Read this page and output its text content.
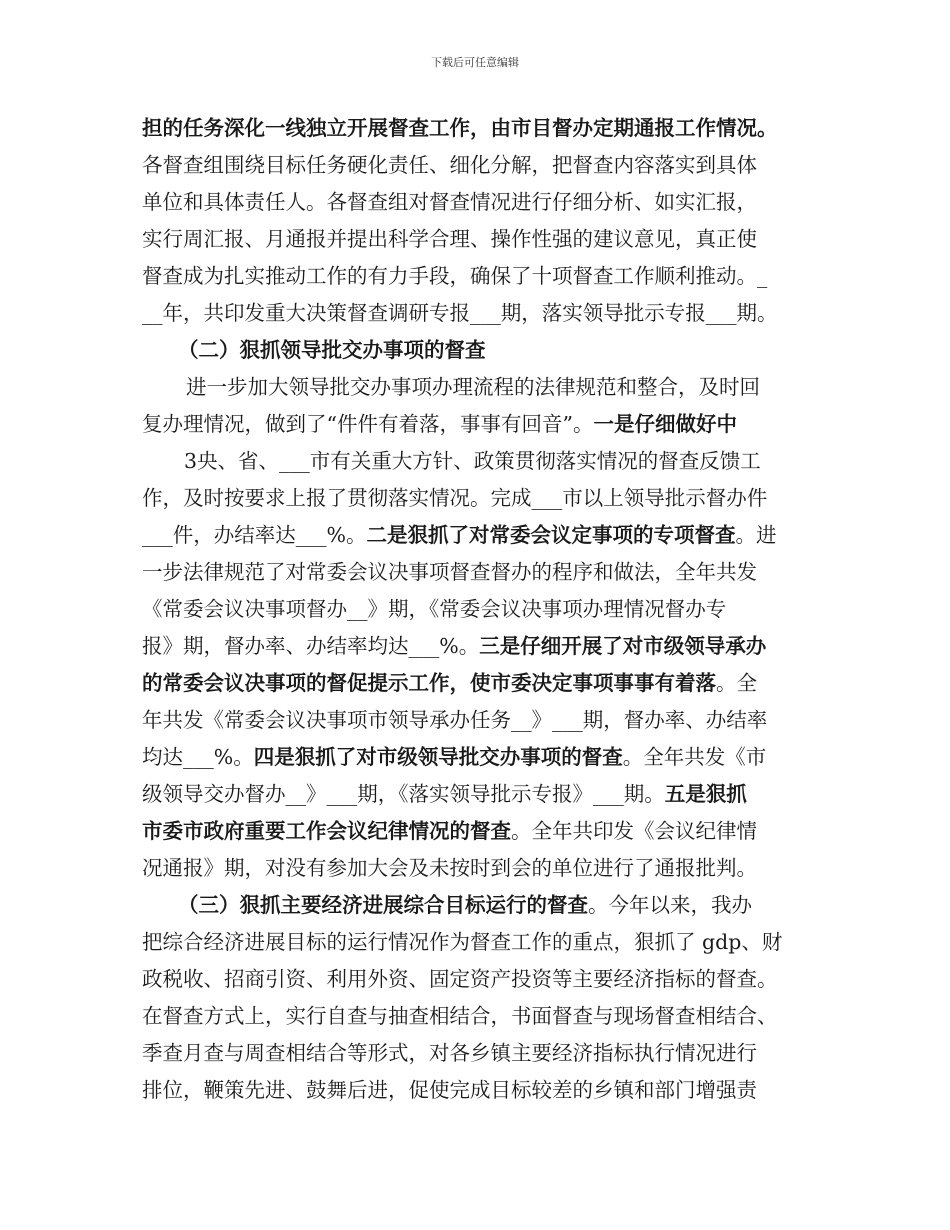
下载后可任意编辑
担的任务深化一线独立开展督查工作，由市目督办定期通报工作情况。
各督查组围绕目标任务硬化责任、细化分解，把督查内容落实到具体
单位和具体责任人。各督查组对督查情况进行仔细分析、如实汇报，
实行周汇报、月通报并提出科学合理、操作性强的建议意见，真正使
督查成为扎实推动工作的有力手段，确保了十项督查工作顺利推动。_
__年，共印发重大决策督查调研专报___期，落实领导批示专报___期。
（二）狠抓领导批交办事项的督查
进一步加大领导批交办事项办理流程的法律规范和整合，及时回
复办理情况，做到了“件件有着落，事事有回音”。一是仔细做好中
3央、省、___市有关重大方针、政策贯彻落实情况的督查反馈工
作，及时按要求上报了贯彻落实情况。完成___市以上领导批示督办件
___件，办结率达___%。二是狠抓了对常委会议定事项的专项督查。进
一步法律规范了对常委会议决事项督查督办的程序和做法，全年共发
《常委会议决事项督办__》期，《常委会议决事项办理情况督办专
报》期，督办率、办结率均达___%。三是仔细开展了对市级领导承办
的常委会议决事项的督促提示工作，使市委决定事项事事有着落。全
年共发《常委会议决事项市领导承办任务__》___期，督办率、办结率
均达___%。四是狠抓了对市级领导批交办事项的督查。全年共发《市
级领导交办督办__》___期，《落实领导批示专报》___期。五是狠抓
市委市政府重要工作会议纪律情况的督查。全年共印发《会议纪律情
况通报》期，对没有参加大会及未按时到会的单位进行了通报批判。
（三）狠抓主要经济进展综合目标运行的督查。今年以来，我办
把综合经济进展目标的运行情况作为督查工作的重点，狠抓了 gdp、财
政税收、招商引资、利用外资、固定资产投资等主要经济指标的督查。
在督查方式上，实行自查与抽查相结合，书面督查与现场督查相结合、
季查月查与周查相结合等形式，对各乡镇主要经济指标执行情况进行
排位，鞭策先进、鼓舞后进，促使完成目标较差的乡镇和部门增强责
